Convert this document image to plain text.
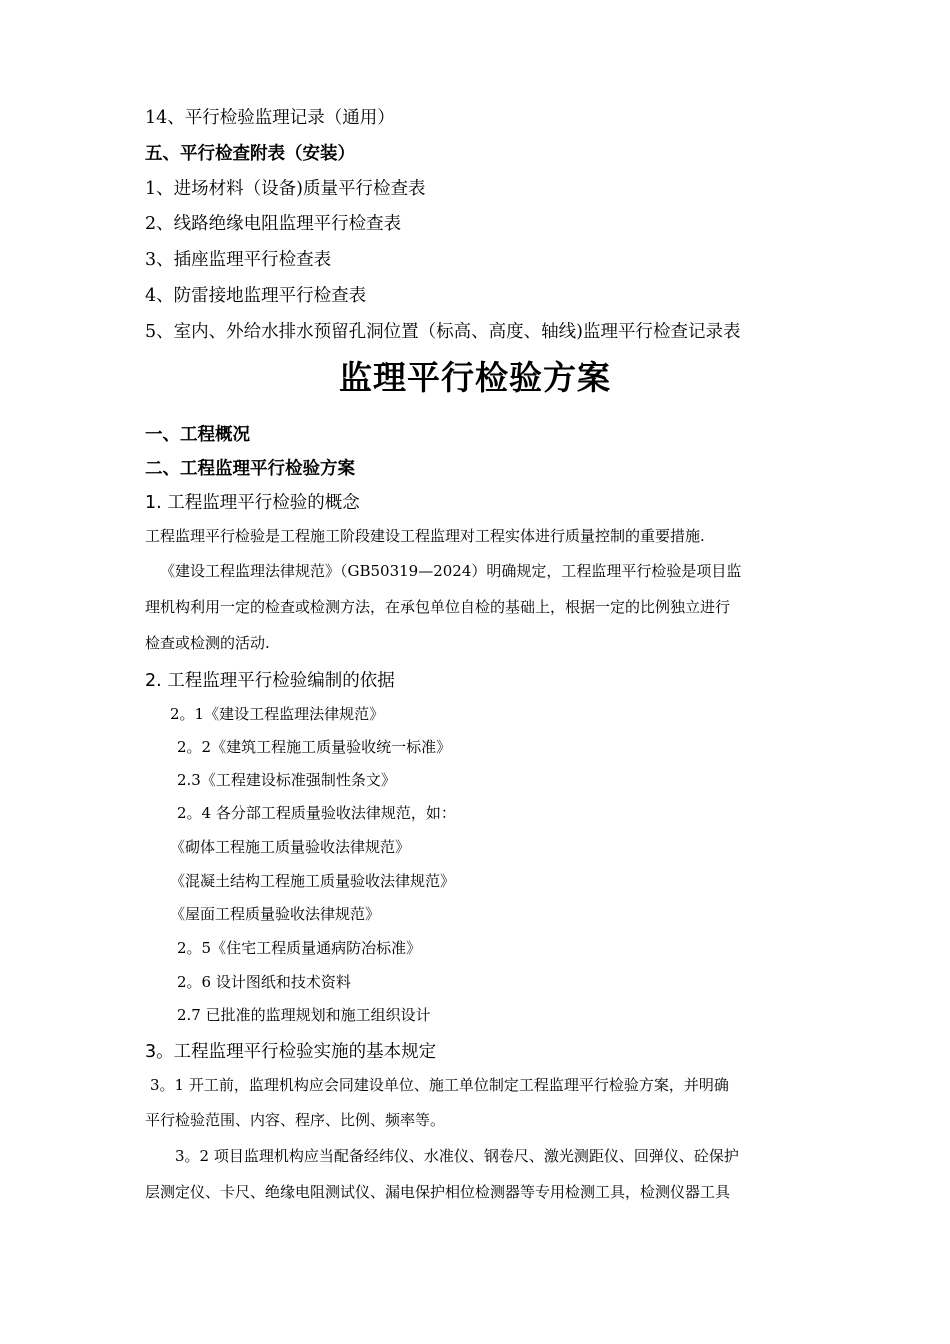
14、平行检验监理记录（通用）
五、平行检查附表（安装）
1、进场材料（设备)质量平行检查表
2、线路绝缘电阻监理平行检查表
3、插座监理平行检查表
4、防雷接地监理平行检查表
5、室内、外给水排水预留孔洞位置（标高、高度、轴线)监理平行检查记录表
监理平行检验方案
一、工程概况
二、工程监理平行检验方案
1. 工程监理平行检验的概念
工程监理平行检验是工程施工阶段建设工程监理对工程实体进行质量控制的重要措施.
《建设工程监理法律规范》（GB50319—2024）明确规定，工程监理平行检验是项目监
理机构利用一定的检查或检测方法，在承包单位自检的基础上，根据一定的比例独立进行
检查或检测的活动.
2. 工程监理平行检验编制的依据
2。1《建设工程监理法律规范》
2。2《建筑工程施工质量验收统一标准》
2.3《工程建设标准强制性条文》
2。4 各分部工程质量验收法律规范，如：
《砌体工程施工质量验收法律规范》
《混凝土结构工程施工质量验收法律规范》
《屋面工程质量验收法律规范》
2。5《住宅工程质量通病防冶标准》
2。6 设计图纸和技术资料
2.7 已批准的监理规划和施工组织设计
3。工程监理平行检验实施的基本规定
3。1 开工前，监理机构应会同建设单位、施工单位制定工程监理平行检验方案，并明确
平行检验范围、内容、程序、比例、频率等。
3。2 项目监理机构应当配备经纬仪、水准仪、钢卷尺、激光测距仪、回弹仪、砼保护
层测定仪、卡尺、绝缘电阻测试仪、漏电保护相位检测器等专用检测工具，检测仪器工具
